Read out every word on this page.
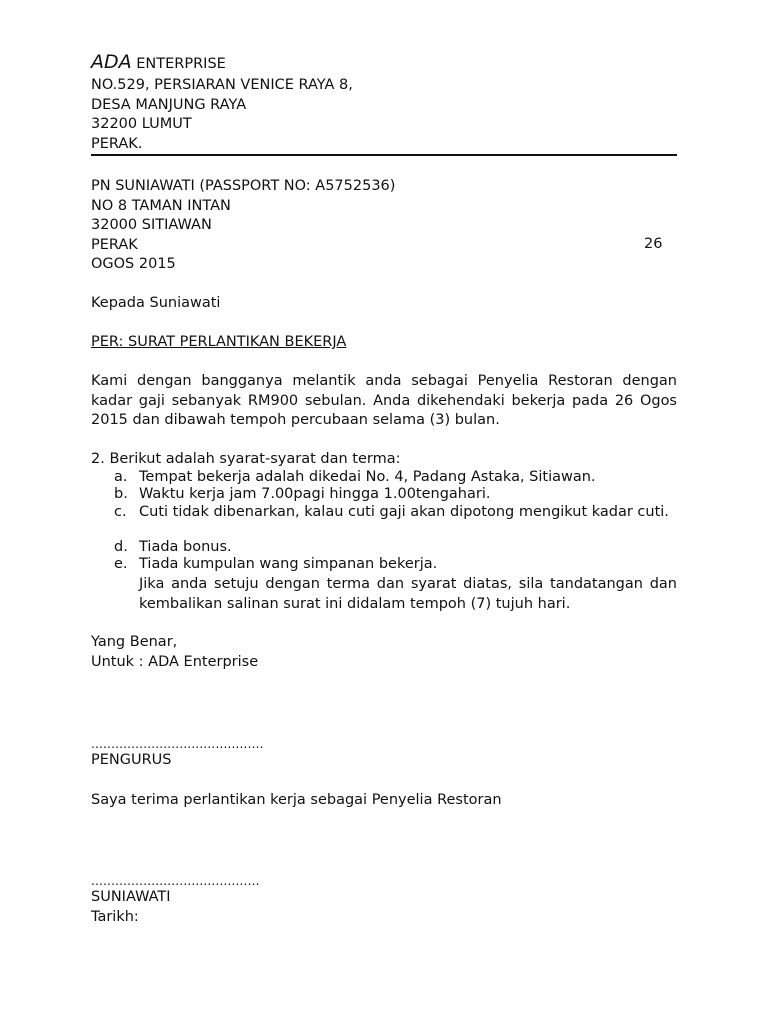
ADA ENTERPRISE
NO.529, PERSIARAN VENICE RAYA 8,
DESA MANJUNG RAYA
32200 LUMUT
PERAK.
PN SUNIAWATI (PASSPORT NO: A5752536)
NO 8 TAMAN INTAN
32000 SITIAWAN
PERAK
OGOS 2015
26
Kepada Suniawati
PER: SURAT PERLANTIKAN BEKERJA
Kami dengan bangganya melantik anda sebagai Penyelia Restoran dengan kadar gaji sebanyak RM900 sebulan. Anda dikehendaki bekerja pada 26 Ogos 2015 dan dibawah tempoh percubaan selama (3) bulan.
2. Berikut adalah syarat-syarat dan terma:
a. Tempat bekerja adalah dikedai No. 4, Padang Astaka, Sitiawan.
b. Waktu kerja jam 7.00pagi hingga 1.00tengahari.
c. Cuti tidak dibenarkan, kalau cuti gaji akan dipotong mengikut kadar cuti.
d. Tiada bonus.
e. Tiada kumpulan wang simpanan bekerja.
Jika anda setuju dengan terma dan syarat diatas, sila tandatangan dan kembalikan salinan surat ini didalam tempoh (7) tujuh hari.
Yang Benar,
Untuk : ADA Enterprise
...........................................
PENGURUS
Saya terima perlantikan kerja sebagai Penyelia Restoran
..........................................
SUNIAWATI
Tarikh:
